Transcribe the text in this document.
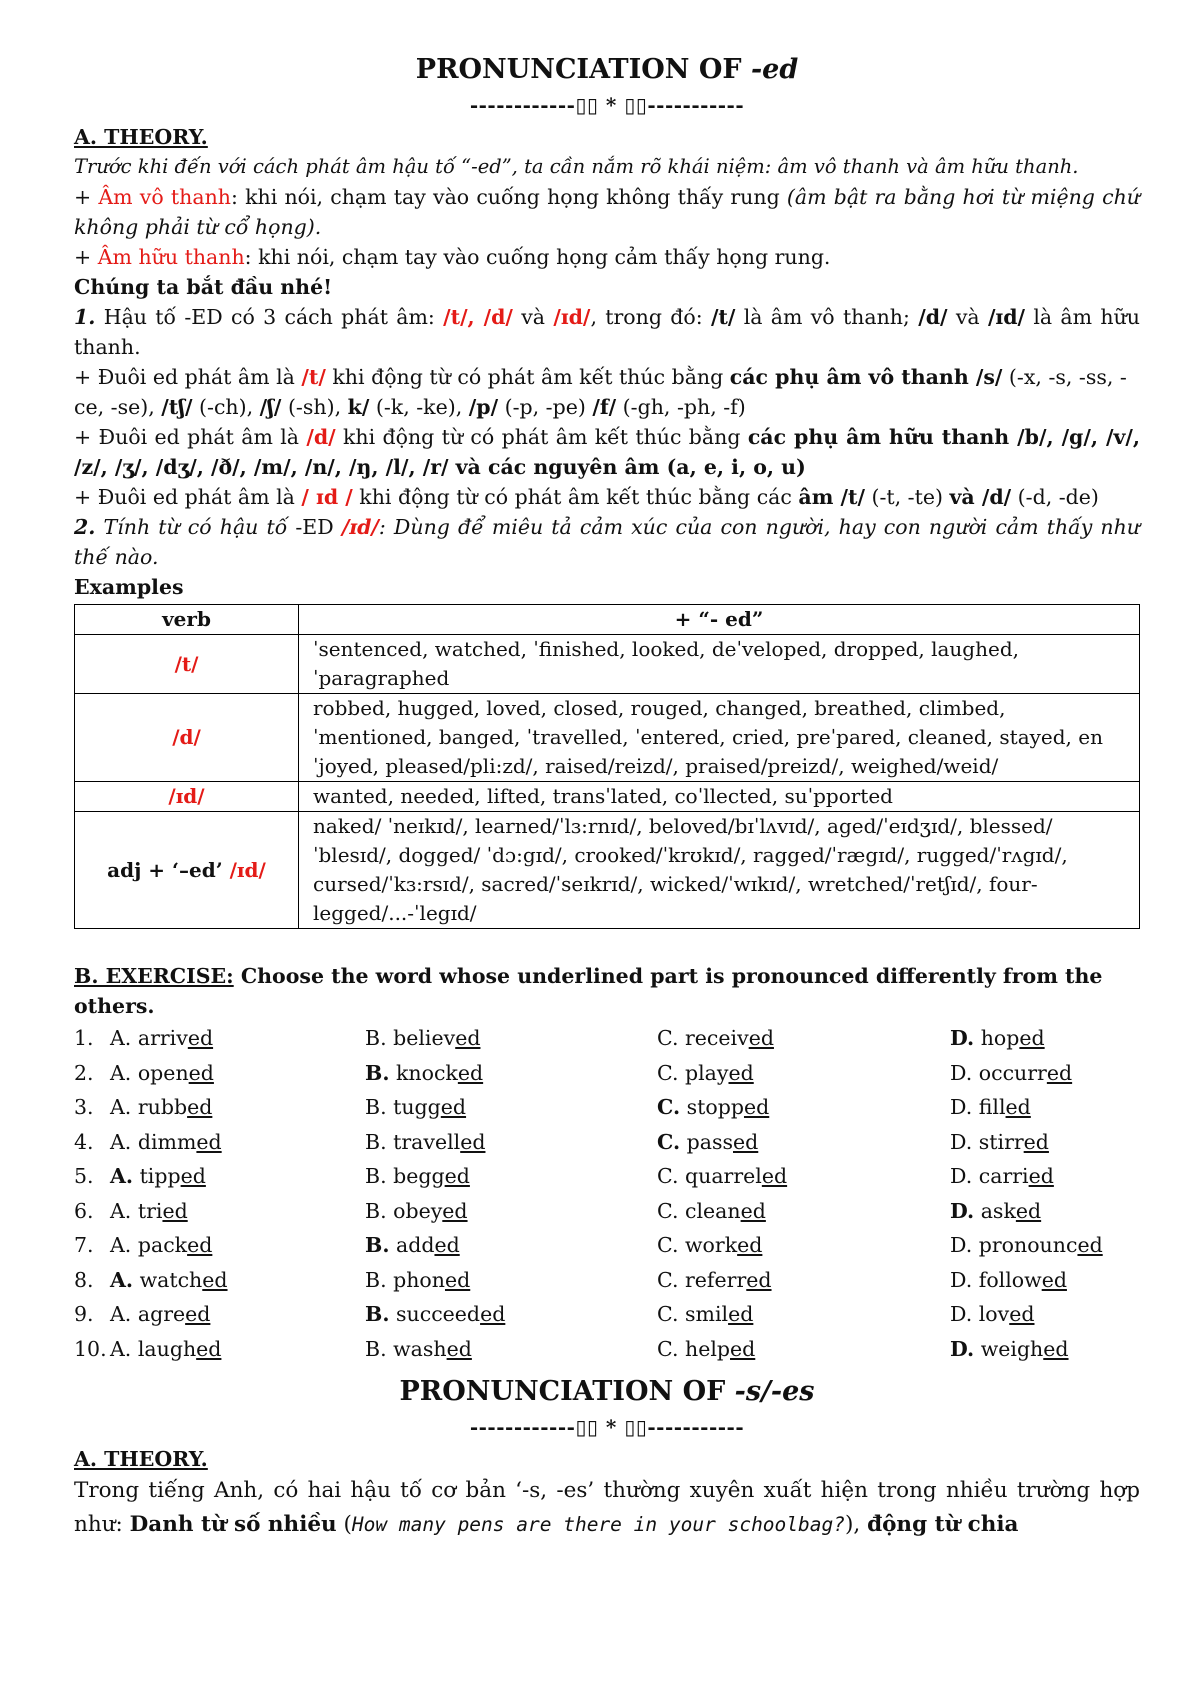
PRONUNCIATION OF -ed

------------▯▯ * ▯▯-----------

A. THEORY.

Trước khi đến với cách phát âm hậu tố “-ed”, ta cần nắm rõ khái niệm: âm vô thanh và âm hữu thanh.

+ Âm vô thanh: khi nói, chạm tay vào cuống họng không thấy rung (âm bật ra bằng hơi từ miệng chứ không phải từ cổ họng).

+ Âm hữu thanh: khi nói, chạm tay vào cuống họng cảm thấy họng rung.

Chúng ta bắt đầu nhé!

1. Hậu tố -ED có 3 cách phát âm: /t/, /d/ và /ɪd/, trong đó: /t/ là âm vô thanh; /d/ và /ɪd/ là âm hữu thanh.

+ Đuôi ed phát âm là /t/ khi động từ có phát âm kết thúc bằng các phụ âm vô thanh /s/ (-x, -s, -ss, -ce, -se), /tʃ/ (-ch), /ʃ/ (-sh), k/ (-k, -ke), /p/ (-p, -pe) /f/ (-gh, -ph, -f)

+ Đuôi ed phát âm là /d/ khi động từ có phát âm kết thúc bằng các phụ âm hữu thanh /b/, /g/, /v/, /z/, /ʒ/, /dʒ/, /ð/, /m/, /n/, /ŋ, /l/, /r/ và các nguyên âm (a, e, i, o, u)

+ Đuôi ed phát âm là / ɪd / khi động từ có phát âm kết thúc bằng các âm /t/ (-t, -te) và /d/ (-d, -de)

2. Tính từ có hậu tố -ED /ɪd/: Dùng để miêu tả cảm xúc của con người, hay con người cảm thấy như thế nào.

Examples

verb	+ “- ed”
/t/	ˈsentenced, watched, ˈfinished, looked, deˈveloped, dropped, laughed, ˈparagraphed
/d/	robbed, hugged, loved, closed, rouged, changed, breathed, climbed, ˈmentioned, banged, ˈtravelled, ˈentered, cried, preˈpared, cleaned, stayed, enˈjoyed, pleased/pli:zd/, raised/reizd/, praised/preizd/, weighed/weid/
/ɪd/	wanted, needed, lifted, transˈlated, coˈllected, suˈpported
adj + ‘–ed’ /ɪd/	naked/ ˈneɪkɪd/, learned/ˈlɜ:rnɪd/, beloved/bɪˈlʌvɪd/, aged/ˈeɪdʒɪd/, blessed/ˈblesɪd/, dogged/ ˈdɔ:gɪd/, crooked/ˈkrʊkɪd/, ragged/ˈrægɪd/, rugged/ˈrʌgɪd/, cursed/ˈkɜ:rsɪd/, sacred/ˈseɪkrɪd/, wicked/ˈwɪkɪd/, wretched/ˈretʃɪd/, four-legged/...-ˈlegɪd/

B. EXERCISE: Choose the word whose underlined part is pronounced differently from the others.

1. A. arrived	B. believed	C. received	D. hoped
2. A. opened	B. knocked	C. played	D. occurred
3. A. rubbed	B. tugged	C. stopped	D. filled
4. A. dimmed	B. travelled	C. passed	D. stirred
5. A. tipped	B. begged	C. quarreled	D. carried
6. A. tried	B. obeyed	C. cleaned	D. asked
7. A. packed	B. added	C. worked	D. pronounced
8. A. watched	B. phoned	C. referred	D. followed
9. A. agreed	B. succeeded	C. smiled	D. loved
10. A. laughed	B. washed	C. helped	D. weighed

PRONUNCIATION OF -s/-es

------------▯▯ * ▯▯-----------

A. THEORY.

Trong tiếng Anh, có hai hậu tố cơ bản ‘-s, -es’ thường xuyên xuất hiện trong nhiều trường hợp như: Danh từ số nhiều (How many pens are there in your schoolbag?), động từ chia
